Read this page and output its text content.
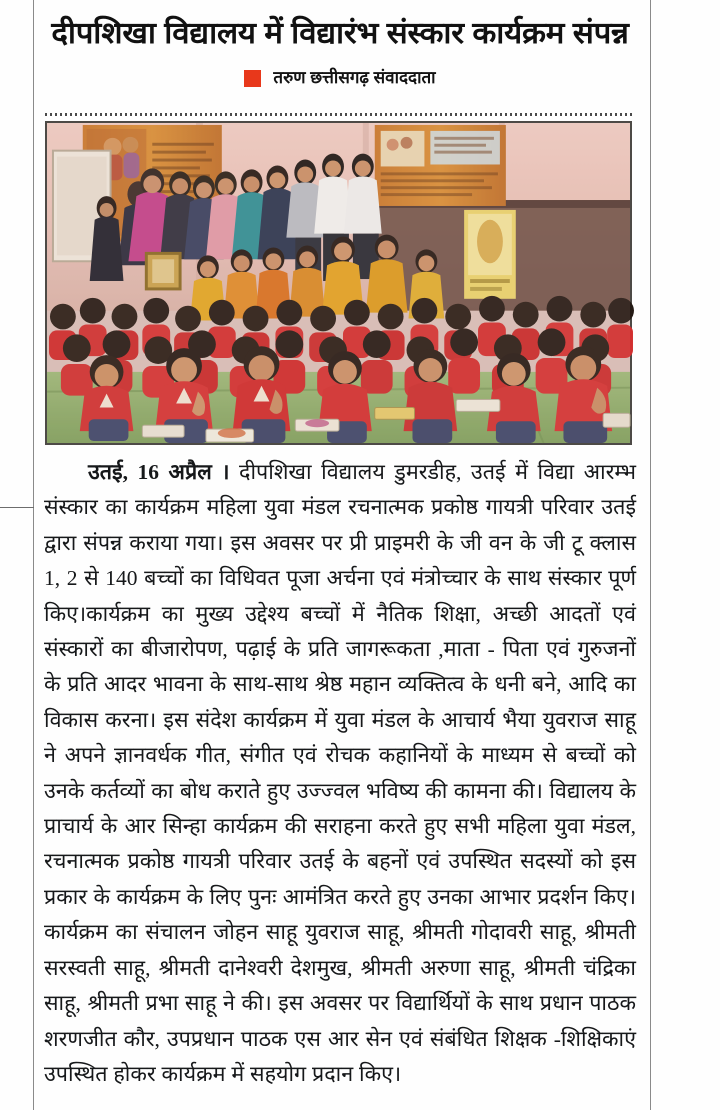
दीपशिखा विद्यालय में विद्यारंभ संस्कार कार्यक्रम संपन्न
तरुण छत्तीसगढ़ संवाददाता

उतई, 16 अप्रैल । दीपशिखा विद्यालय डुमरडीह, उतई में विद्या आरम्भ संस्कार का कार्यक्रम महिला युवा मंडल रचनात्मक प्रकोष्ठ गायत्री परिवार उतई द्वारा संपन्न कराया गया। इस अवसर पर प्री प्राइमरी के जी वन के जी टू क्लास 1, 2 से 140 बच्चों का विधिवत पूजा अर्चना एवं मंत्रोच्चार के साथ संस्कार पूर्ण किए।कार्यक्रम का मुख्य उद्देश्य बच्चों में नैतिक शिक्षा, अच्छी आदतों एवं संस्कारों का बीजारोपण, पढ़ाई के प्रति जागरूकता ,माता - पिता एवं गुरुजनों के प्रति आदर भावना के साथ-साथ श्रेष्ठ महान व्यक्तित्व के धनी बने, आदि का विकास करना। इस संदेश कार्यक्रम में युवा मंडल के आचार्य भैया युवराज साहू ने अपने ज्ञानवर्धक गीत, संगीत एवं रोचक कहानियों के माध्यम से बच्चों को उनके कर्तव्यों का बोध कराते हुए उज्ज्वल भविष्य की कामना की। विद्यालय के प्राचार्य के आर सिन्हा कार्यक्रम की सराहना करते हुए सभी महिला युवा मंडल, रचनात्मक प्रकोष्ठ गायत्री परिवार उतई के बहनों एवं उपस्थित सदस्यों को इस प्रकार के कार्यक्रम के लिए पुनः आमंत्रित करते हुए उनका आभार प्रदर्शन किए।कार्यक्रम का संचालन जोहन साहू युवराज साहू, श्रीमती गोदावरी साहू, श्रीमती सरस्वती साहू, श्रीमती दानेश्वरी देशमुख, श्रीमती अरुणा साहू, श्रीमती चंद्रिका साहू, श्रीमती प्रभा साहू ने की। इस अवसर पर विद्यार्थियों के साथ प्रधान पाठक शरणजीत कौर, उपप्रधान पाठक एस आर सेन एवं संबंधित शिक्षक -शिक्षिकाएं उपस्थित होकर कार्यक्रम में सहयोग प्रदान किए।
